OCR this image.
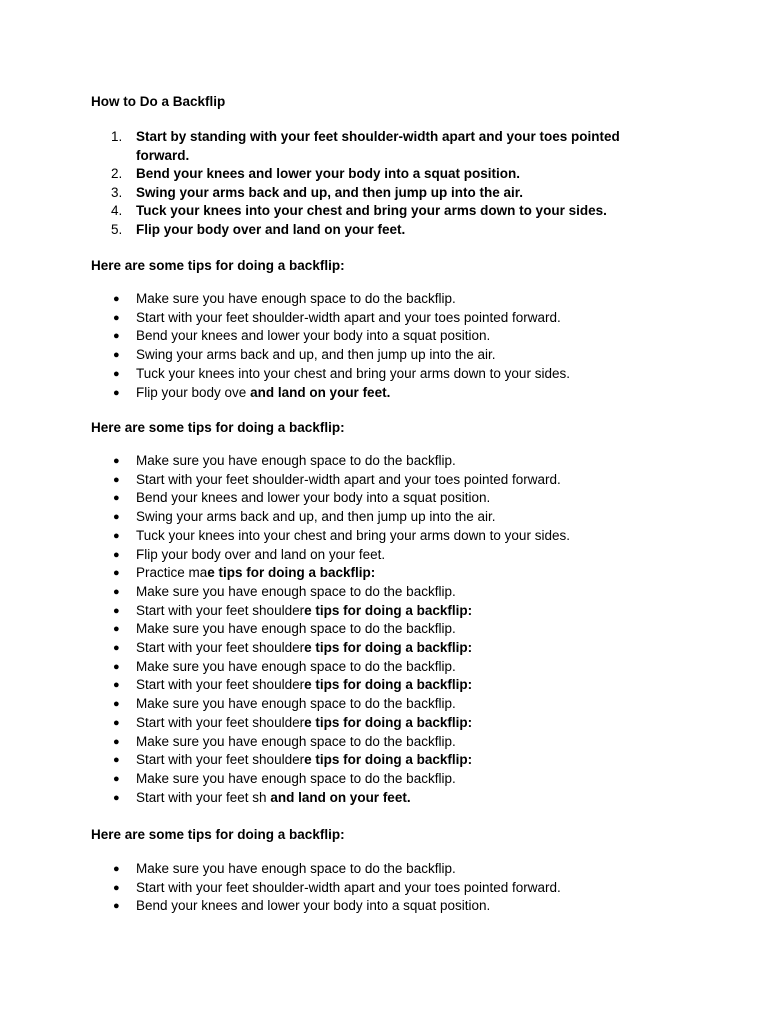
How to Do a Backflip
1. Start by standing with your feet shoulder-width apart and your toes pointed forward.
2. Bend your knees and lower your body into a squat position.
3. Swing your arms back and up, and then jump up into the air.
4. Tuck your knees into your chest and bring your arms down to your sides.
5. Flip your body over and land on your feet.
Here are some tips for doing a backflip:
● Make sure you have enough space to do the backflip.
● Start with your feet shoulder-width apart and your toes pointed forward.
● Bend your knees and lower your body into a squat position.
● Swing your arms back and up, and then jump up into the air.
● Tuck your knees into your chest and bring your arms down to your sides.
● Flip your body ove and land on your feet.
Here are some tips for doing a backflip:
● Make sure you have enough space to do the backflip.
● Start with your feet shoulder-width apart and your toes pointed forward.
● Bend your knees and lower your body into a squat position.
● Swing your arms back and up, and then jump up into the air.
● Tuck your knees into your chest and bring your arms down to your sides.
● Flip your body over and land on your feet.
● Practice mae tips for doing a backflip:
● Make sure you have enough space to do the backflip.
● Start with your feet shouldere tips for doing a backflip:
● Make sure you have enough space to do the backflip.
● Start with your feet shouldere tips for doing a backflip:
● Make sure you have enough space to do the backflip.
● Start with your feet shouldere tips for doing a backflip:
● Make sure you have enough space to do the backflip.
● Start with your feet shouldere tips for doing a backflip:
● Make sure you have enough space to do the backflip.
● Start with your feet shouldere tips for doing a backflip:
● Make sure you have enough space to do the backflip.
● Start with your feet sh and land on your feet.
Here are some tips for doing a backflip:
● Make sure you have enough space to do the backflip.
● Start with your feet shoulder-width apart and your toes pointed forward.
● Bend your knees and lower your body into a squat position.
